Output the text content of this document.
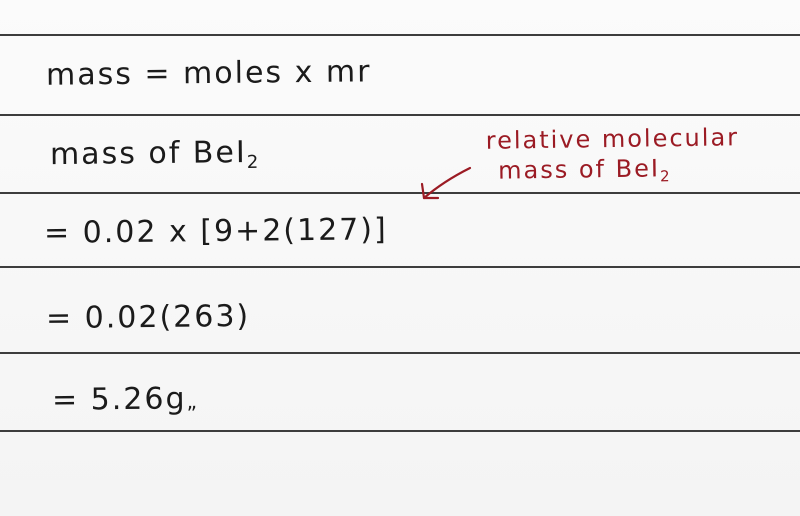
mass = moles x mr
mass of BeI$_2$
= 0.02 x [9+2(127)]
= 0.02(263)
= 5.26g„
relative molecular
mass of BeI$_2$
